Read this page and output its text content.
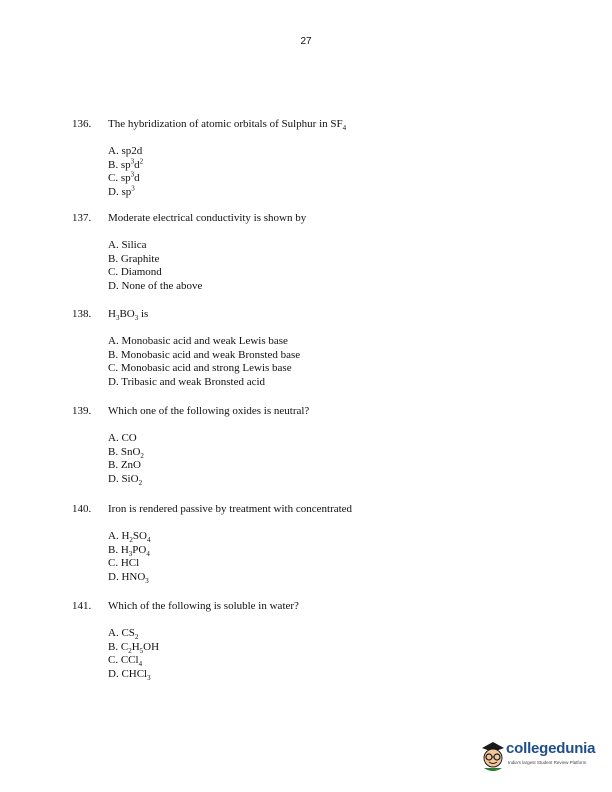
27
136. The hybridization of atomic orbitals of Sulphur in $SF_4$
A. sp2d
B. $sp^3d^2$
C. $sp^3d$
D. $sp^3$
137. Moderate electrical conductivity is shown by
A. Silica
B. Graphite
C. Diamond
D. None of the above
138. $H_3BO_3$ is
A. Monobasic acid and weak Lewis base
B. Monobasic acid and weak Bronsted base
C. Monobasic acid and strong Lewis base
D. Tribasic and weak Bronsted acid
139. Which one of the following oxides is neutral?
A. CO
B. SnO$_2$
B. ZnO
D. SiO$_2$
140. Iron is rendered passive by treatment with concentrated
A. $H_2SO_4$
B. $H_3PO_4$
C. HCl
D. $HNO_3$
141. Which of the following is soluble in water?
A. $CS_2$
B. $C_2H_5OH$
C. CCl$_4$
D. CHCl$_3$
collegedunia
India's largest Student Review Platform
